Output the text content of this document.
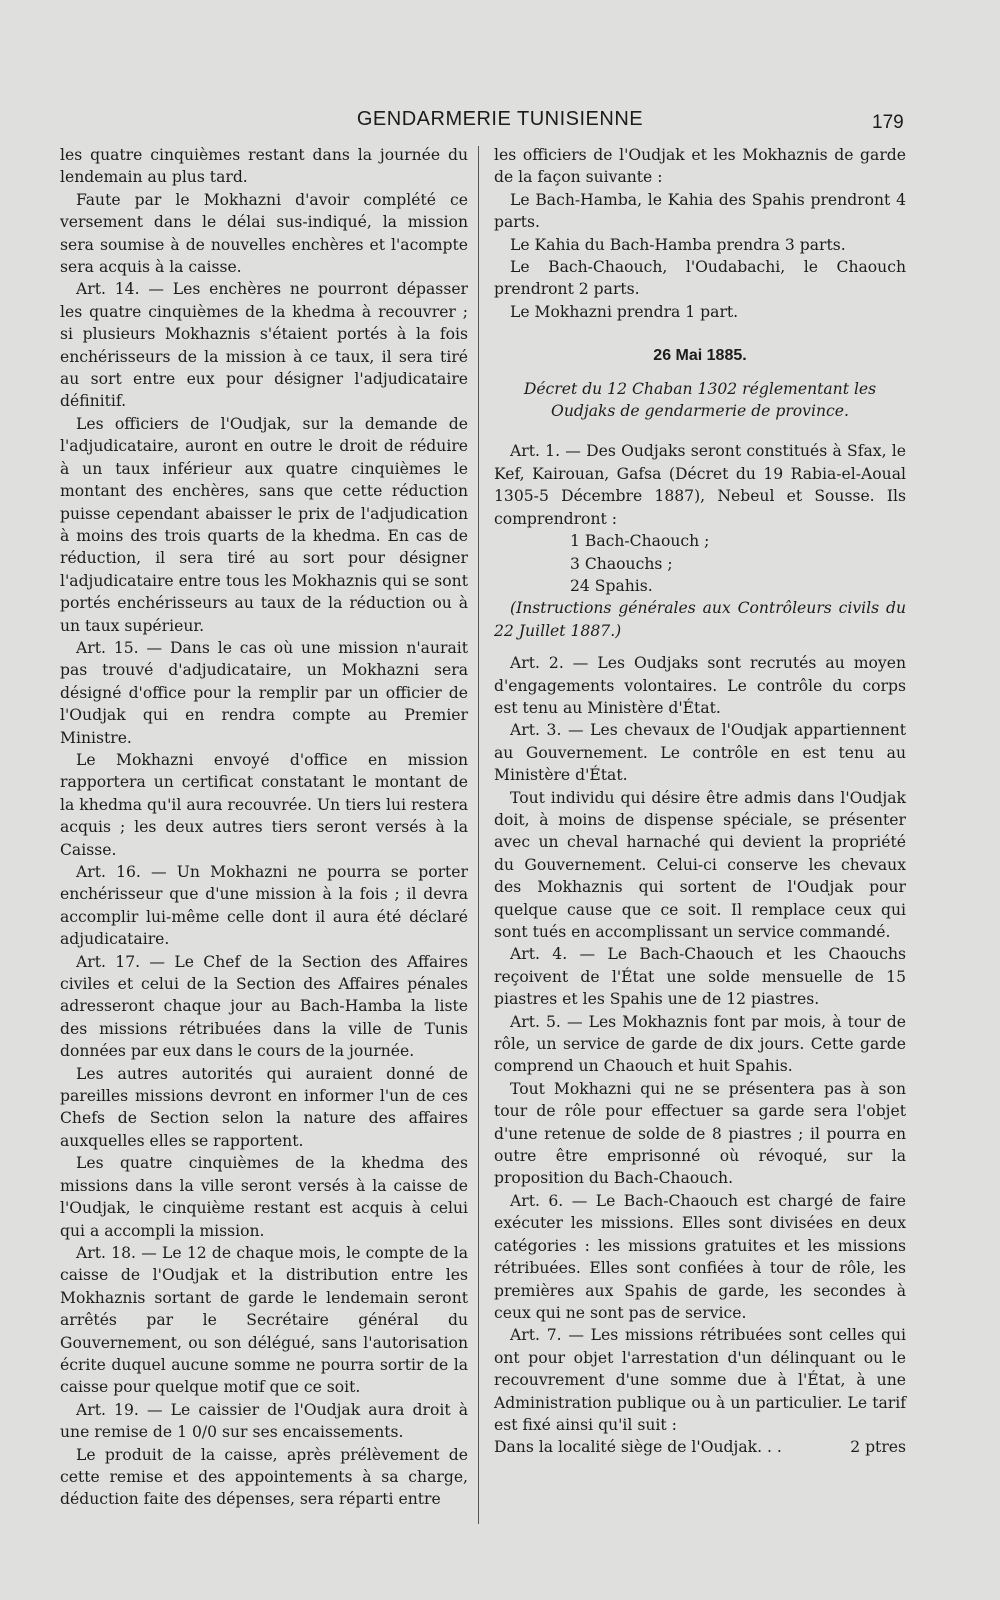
GENDARMERIE TUNISIENNE	179

les quatre cinquièmes restant dans la journée du lendemain au plus tard.

Faute par le Mokhazni d'avoir complété ce versement dans le délai sus-indiqué, la mission sera soumise à de nouvelles enchères et l'acompte sera acquis à la caisse.

Art. 14. — Les enchères ne pourront dépasser les quatre cinquièmes de la khedma à recouvrer ; si plusieurs Mokhaznis s'étaient portés à la fois enchérisseurs de la mission à ce taux, il sera tiré au sort entre eux pour désigner l'adjudicataire définitif.

Les officiers de l'Oudjak, sur la demande de l'adjudicataire, auront en outre le droit de réduire à un taux inférieur aux quatre cinquièmes le montant des enchères, sans que cette réduction puisse cependant abaisser le prix de l'adjudication à moins des trois quarts de la khedma. En cas de réduction, il sera tiré au sort pour désigner l'adjudicataire entre tous les Mokhaznis qui se sont portés enchérisseurs au taux de la réduction ou à un taux supérieur.

Art. 15. — Dans le cas où une mission n'aurait pas trouvé d'adjudicataire, un Mokhazni sera désigné d'office pour la remplir par un officier de l'Oudjak qui en rendra compte au Premier Ministre.

Le Mokhazni envoyé d'office en mission rapportera un certificat constatant le montant de la khedma qu'il aura recouvrée. Un tiers lui restera acquis ; les deux autres tiers seront versés à la Caisse.

Art. 16. — Un Mokhazni ne pourra se porter enchérisseur que d'une mission à la fois ; il devra accomplir lui-même celle dont il aura été déclaré adjudicataire.

Art. 17. — Le Chef de la Section des Affaires civiles et celui de la Section des Affaires pénales adresseront chaque jour au Bach-Hamba la liste des missions rétribuées dans la ville de Tunis données par eux dans le cours de la journée.

Les autres autorités qui auraient donné de pareilles missions devront en informer l'un de ces Chefs de Section selon la nature des affaires auxquelles elles se rapportent.

Les quatre cinquièmes de la khedma des missions dans la ville seront versés à la caisse de l'Oudjak, le cinquième restant est acquis à celui qui a accompli la mission.

Art. 18. — Le 12 de chaque mois, le compte de la caisse de l'Oudjak et la distribution entre les Mokhaznis sortant de garde le lendemain seront arrêtés par le Secrétaire général du Gouvernement, ou son délégué, sans l'autorisation écrite duquel aucune somme ne pourra sortir de la caisse pour quelque motif que ce soit.

Art. 19. — Le caissier de l'Oudjak aura droit à une remise de 1 0/0 sur ses encaissements.

Le produit de la caisse, après prélèvement de cette remise et des appointements à sa charge, déduction faite des dépenses, sera réparti entre

les officiers de l'Oudjak et les Mokhaznis de garde de la façon suivante :

Le Bach-Hamba, le Kahia des Spahis prendront 4 parts.

Le Kahia du Bach-Hamba prendra 3 parts.

Le Bach-Chaouch, l'Oudabachi, le Chaouch prendront 2 parts.

Le Mokhazni prendra 1 part.

26 Mai 1885.

Décret du 12 Chaban 1302 réglementant les Oudjaks de gendarmerie de province.

Art. 1. — Des Oudjaks seront constitués à Sfax, le Kef, Kairouan, Gafsa (Décret du 19 Rabia-el-Aoual 1305-5 Décembre 1887), Nebeul et Sousse. Ils comprendront :

1 Bach-Chaouch ;

3 Chaouchs ;

24 Spahis.

(Instructions générales aux Contrôleurs civils du 22 Juillet 1887.)

Art. 2. — Les Oudjaks sont recrutés au moyen d'engagements volontaires. Le contrôle du corps est tenu au Ministère d'État.

Art. 3. — Les chevaux de l'Oudjak appartiennent au Gouvernement. Le contrôle en est tenu au Ministère d'État.

Tout individu qui désire être admis dans l'Oudjak doit, à moins de dispense spéciale, se présenter avec un cheval harnaché qui devient la propriété du Gouvernement. Celui-ci conserve les chevaux des Mokhaznis qui sortent de l'Oudjak pour quelque cause que ce soit. Il remplace ceux qui sont tués en accomplissant un service commandé.

Art. 4. — Le Bach-Chaouch et les Chaouchs reçoivent de l'État une solde mensuelle de 15 piastres et les Spahis une de 12 piastres.

Art. 5. — Les Mokhaznis font par mois, à tour de rôle, un service de garde de dix jours. Cette garde comprend un Chaouch et huit Spahis.

Tout Mokhazni qui ne se présentera pas à son tour de rôle pour effectuer sa garde sera l'objet d'une retenue de solde de 8 piastres ; il pourra en outre être emprisonné où révoqué, sur la proposition du Bach-Chaouch.

Art. 6. — Le Bach-Chaouch est chargé de faire exécuter les missions. Elles sont divisées en deux catégories : les missions gratuites et les missions rétribuées. Elles sont confiées à tour de rôle, les premières aux Spahis de garde, les secondes à ceux qui ne sont pas de service.

Art. 7. — Les missions rétribuées sont celles qui ont pour objet l'arrestation d'un délinquant ou le recouvrement d'une somme due à l'État, à une Administration publique ou à un particulier. Le tarif est fixé ainsi qu'il suit :

Dans la localité siège de l'Oudjak. . .	2 ptres
